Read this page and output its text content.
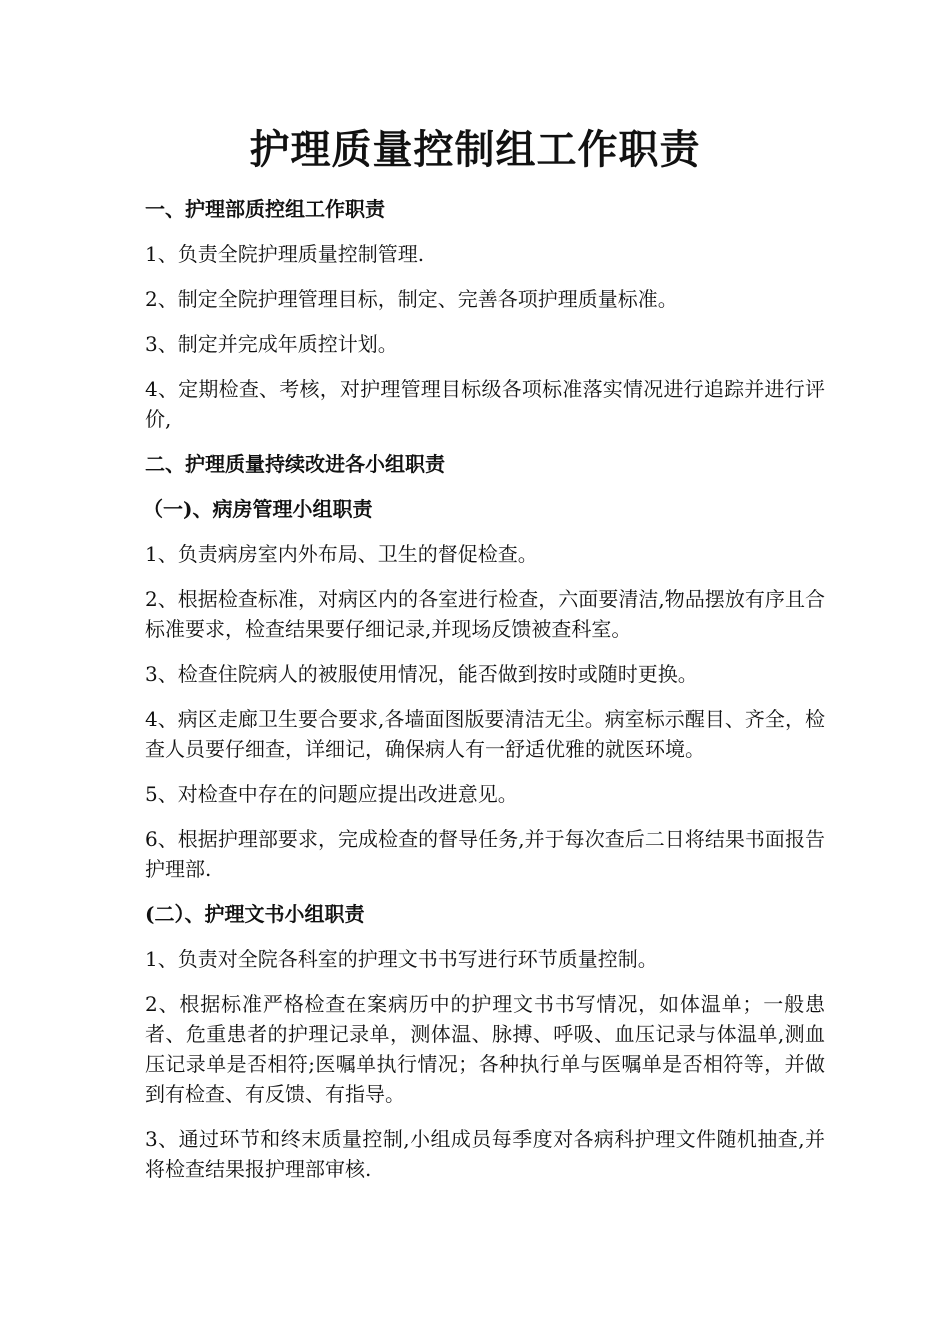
护理质量控制组工作职责
一、护理部质控组工作职责
1、负责全院护理质量控制管理.
2、制定全院护理管理目标，制定、完善各项护理质量标准。
3、制定并完成年质控计划。
4、定期检查、考核，对护理管理目标级各项标准落实情况进行追踪并进行评价,
二、护理质量持续改进各小组职责
（一)、病房管理小组职责
1、负责病房室内外布局、卫生的督促检查。
2、根据检查标准，对病区内的各室进行检查，六面要清洁,物品摆放有序且合标准要求，检查结果要仔细记录,并现场反馈被查科室。
3、检查住院病人的被服使用情况，能否做到按时或随时更换。
4、病区走廊卫生要合要求,各墙面图版要清洁无尘。病室标示醒目、齐全，检查人员要仔细查，详细记，确保病人有一舒适优雅的就医环境。
5、对检查中存在的问题应提出改进意见。
6、根据护理部要求，完成检查的督导任务,并于每次查后二日将结果书面报告护理部.
(二）、护理文书小组职责
1、负责对全院各科室的护理文书书写进行环节质量控制。
2、根据标准严格检查在案病历中的护理文书书写情况，如体温单；一般患者、危重患者的护理记录单，测体温、脉搏、呼吸、血压记录与体温单,测血压记录单是否相符;医嘱单执行情况；各种执行单与医嘱单是否相符等，并做到有检查、有反馈、有指导。
3、通过环节和终末质量控制,小组成员每季度对各病科护理文件随机抽查,并将检查结果报护理部审核.
